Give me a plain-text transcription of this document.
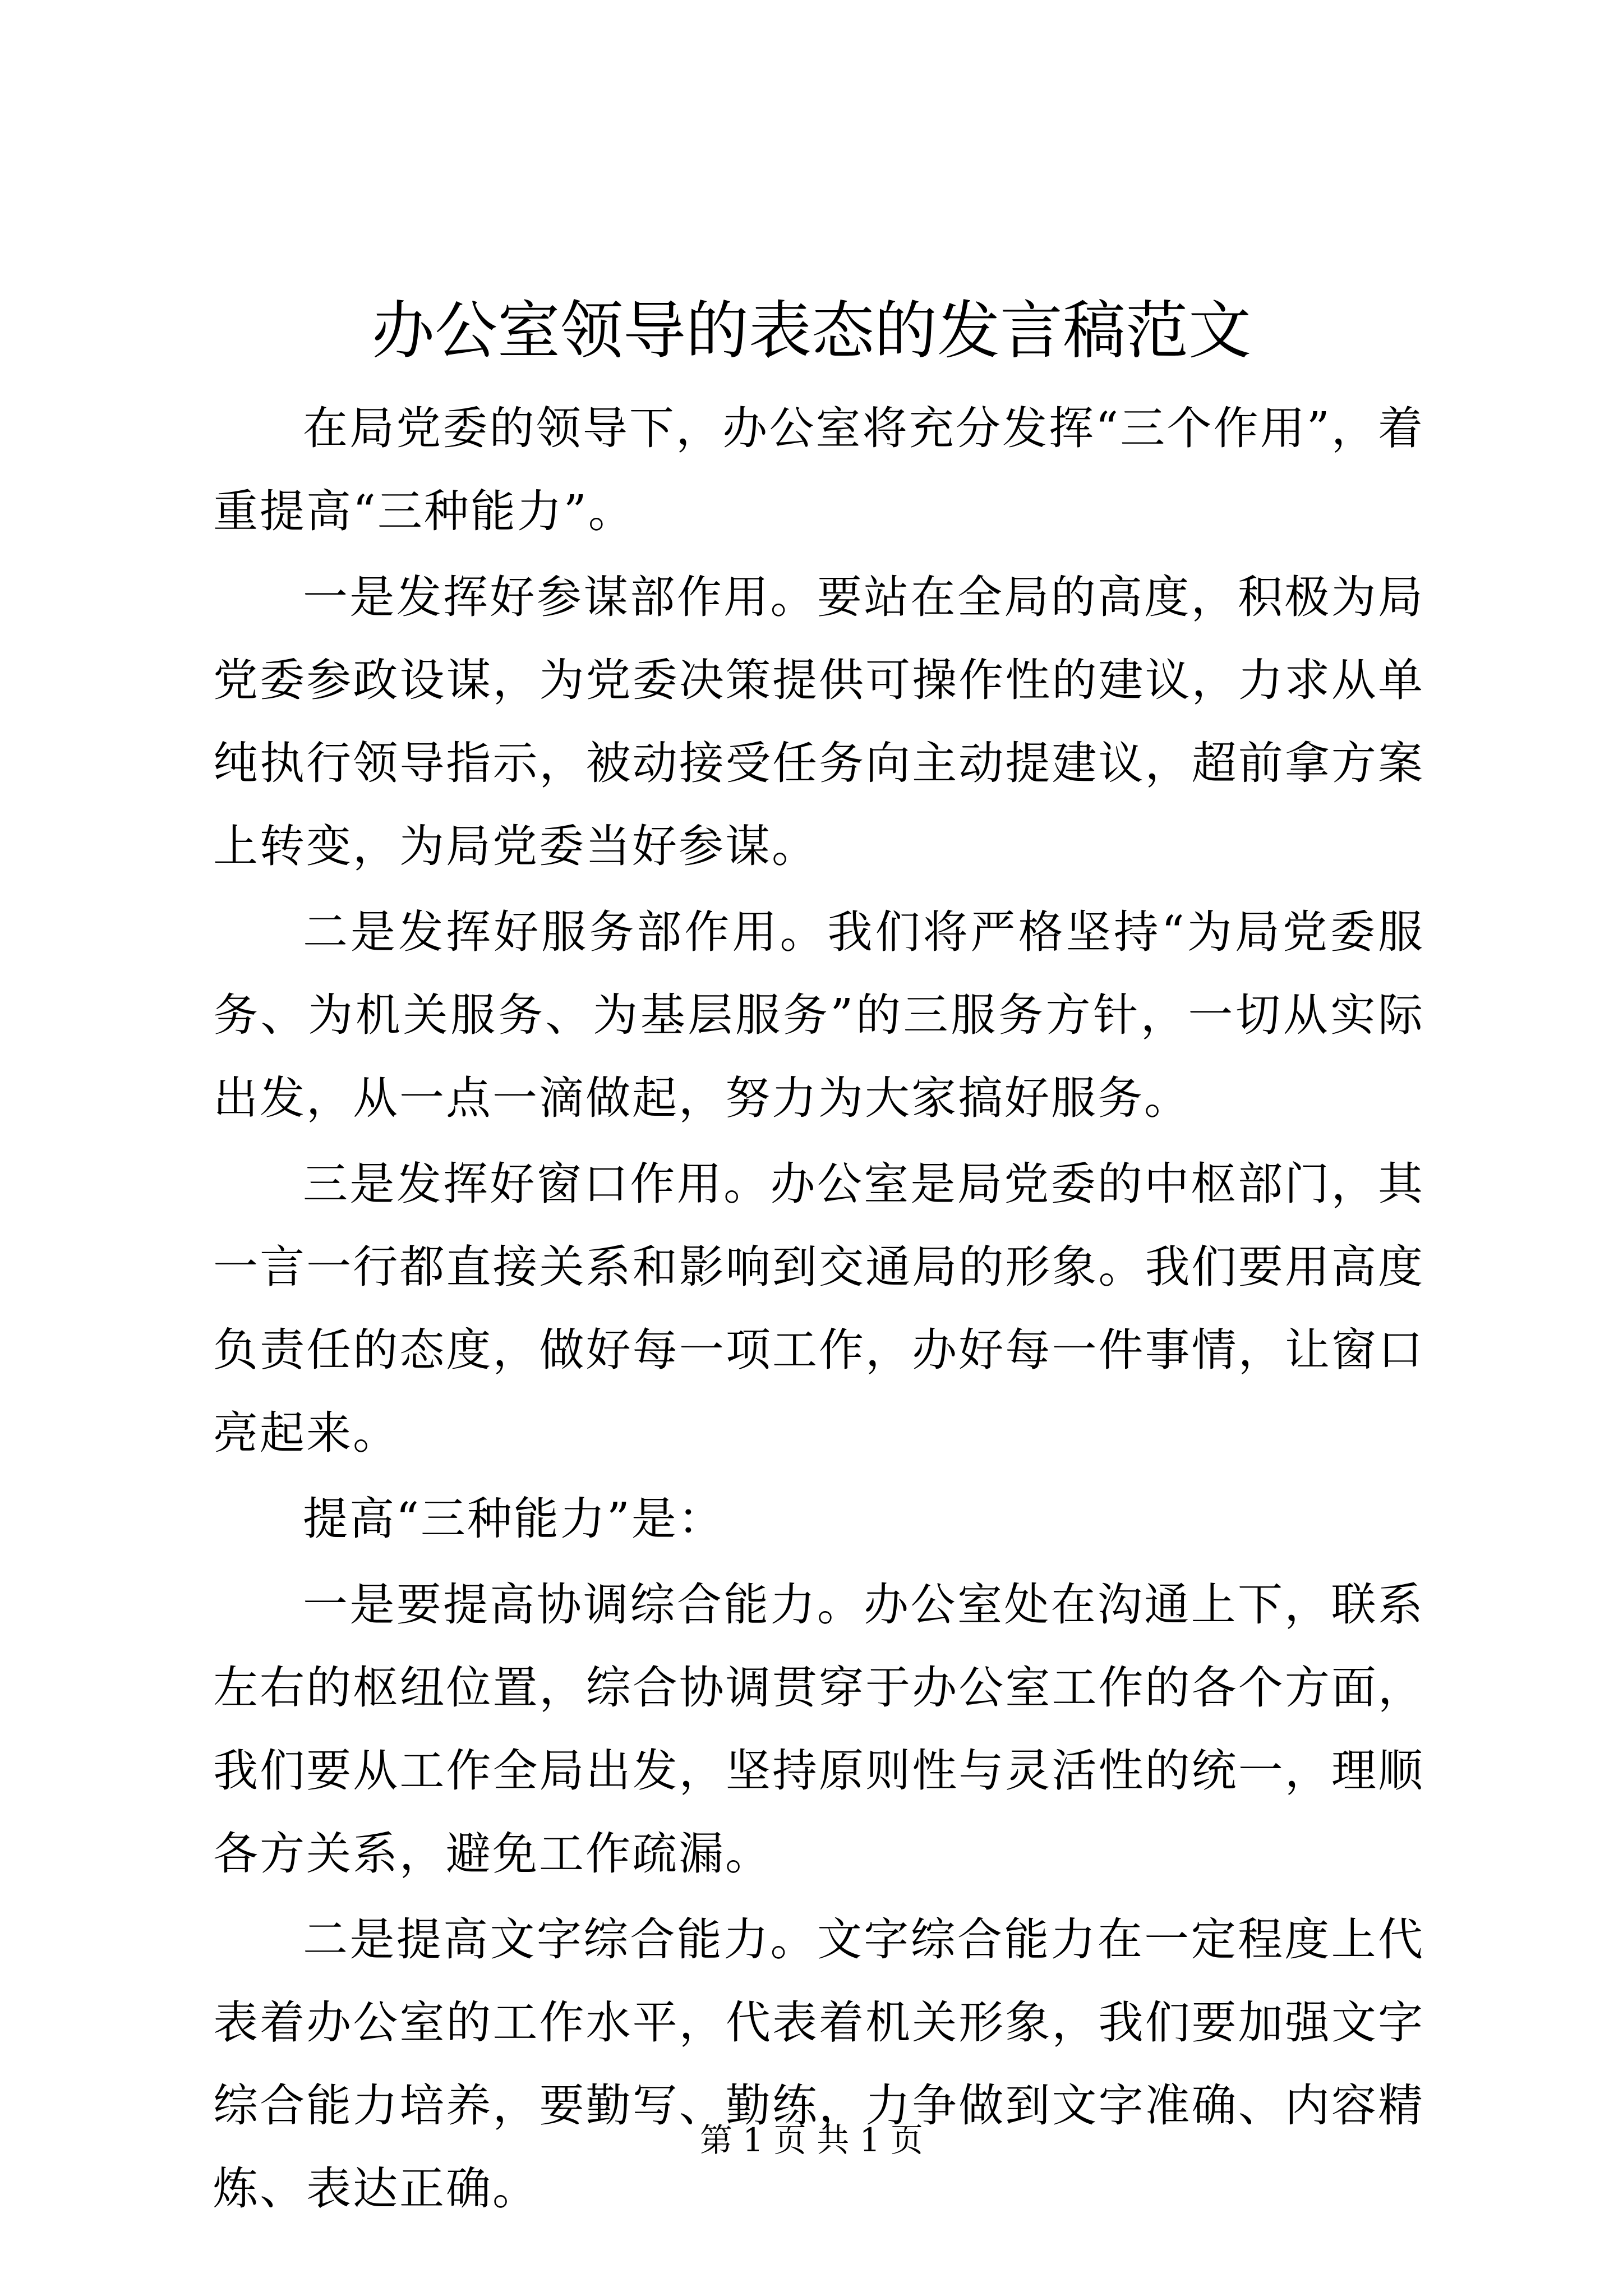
办公室领导的表态的发言稿范文

在局党委的领导下，办公室将充分发挥“三个作用”，着重提高“三种能力”。

一是发挥好参谋部作用。要站在全局的高度，积极为局党委参政设谋，为党委决策提供可操作性的建议，力求从单纯执行领导指示，被动接受任务向主动提建议，超前拿方案上转变，为局党委当好参谋。

二是发挥好服务部作用。我们将严格坚持“为局党委服务、为机关服务、为基层服务”的三服务方针，一切从实际出发，从一点一滴做起，努力为大家搞好服务。

三是发挥好窗口作用。办公室是局党委的中枢部门，其一言一行都直接关系和影响到交通局的形象。我们要用高度负责任的态度，做好每一项工作，办好每一件事情，让窗口亮起来。

提高“三种能力”是：

一是要提高协调综合能力。办公室处在沟通上下，联系左右的枢纽位置，综合协调贯穿于办公室工作的各个方面，我们要从工作全局出发，坚持原则性与灵活性的统一，理顺各方关系，避免工作疏漏。

二是提高文字综合能力。文字综合能力在一定程度上代表着办公室的工作水平，代表着机关形象，我们要加强文字综合能力培养，要勤写、勤练，力争做到文字准确、内容精炼、表达正确。

第 1 页 共 1 页
